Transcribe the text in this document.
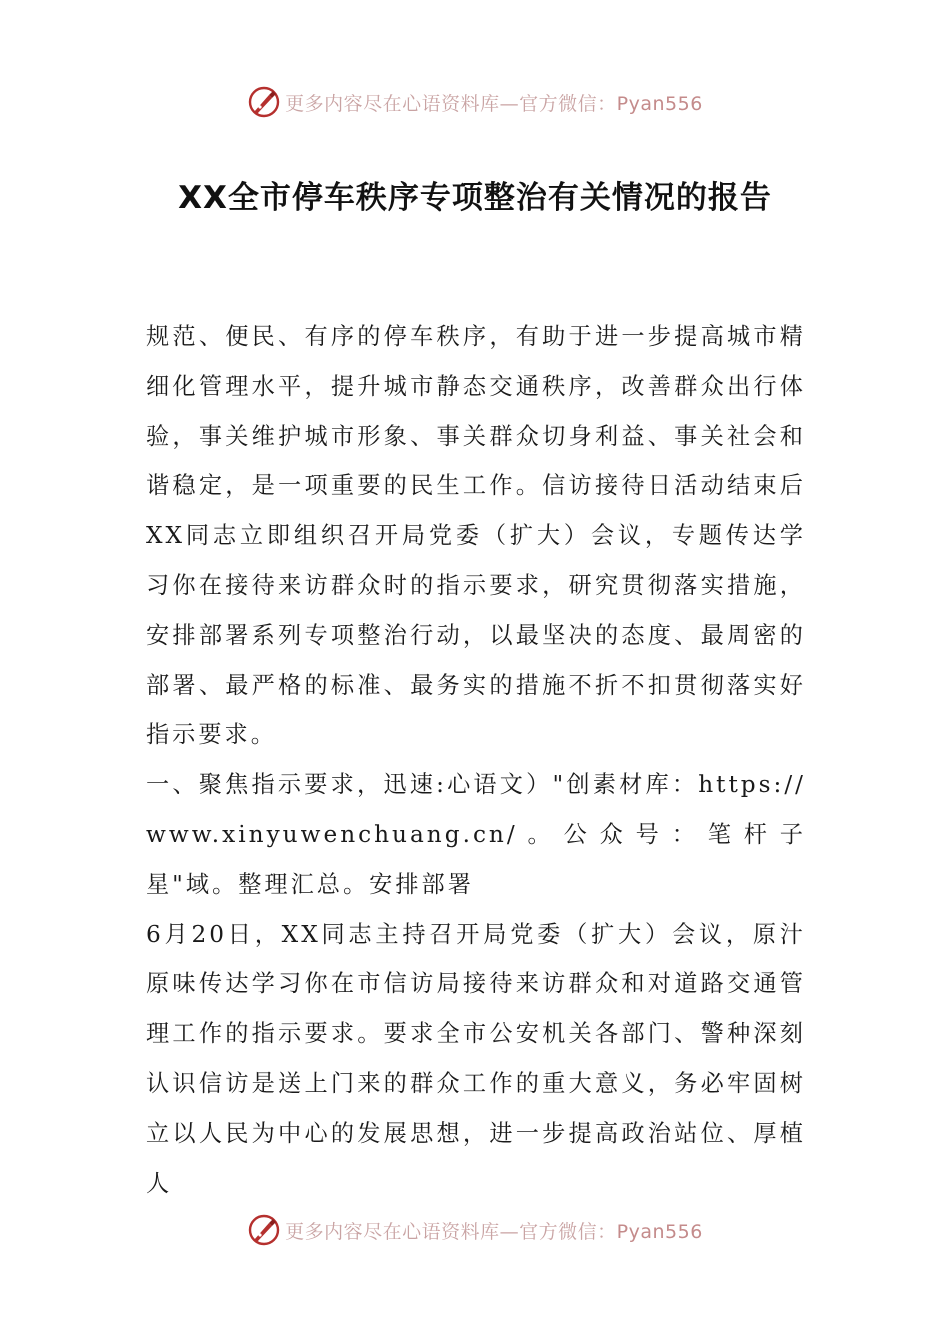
更多内容尽在心语资料库—官方微信：Pyan556
XX全市停车秩序专项整治有关情况的报告

规范、便民、有序的停车秩序，有助于进一步提高城市精细化管理水平，提升城市静态交通秩序，改善群众出行体验，事关维护城市形象、事关群众切身利益、事关社会和谐稳定，是一项重要的民生工作。信访接待日活动结束后XX同志立即组织召开局党委（扩大）会议，专题传达学习你在接待来访群众时的指示要求，研究贯彻落实措施，安排部署系列专项整治行动，以最坚决的态度、最周密的部署、最严格的标准、最务实的措施不折不扣贯彻落实好指示要求。

一、聚焦指示要求，迅速:心语文）"创素材库：https://www.xinyuwenchuang.cn/。公众号：笔杆子星"域。整理汇总。安排部署

6月20日，XX同志主持召开局党委（扩大）会议，原汁原味传达学习你在市信访局接待来访群众和对道路交通管理工作的指示要求。要求全市公安机关各部门、警种深刻认识信访是送上门来的群众工作的重大意义，务必牢固树立以人民为中心的发展思想，进一步提高政治站位、厚植人

更多内容尽在心语资料库—官方微信：Pyan556
